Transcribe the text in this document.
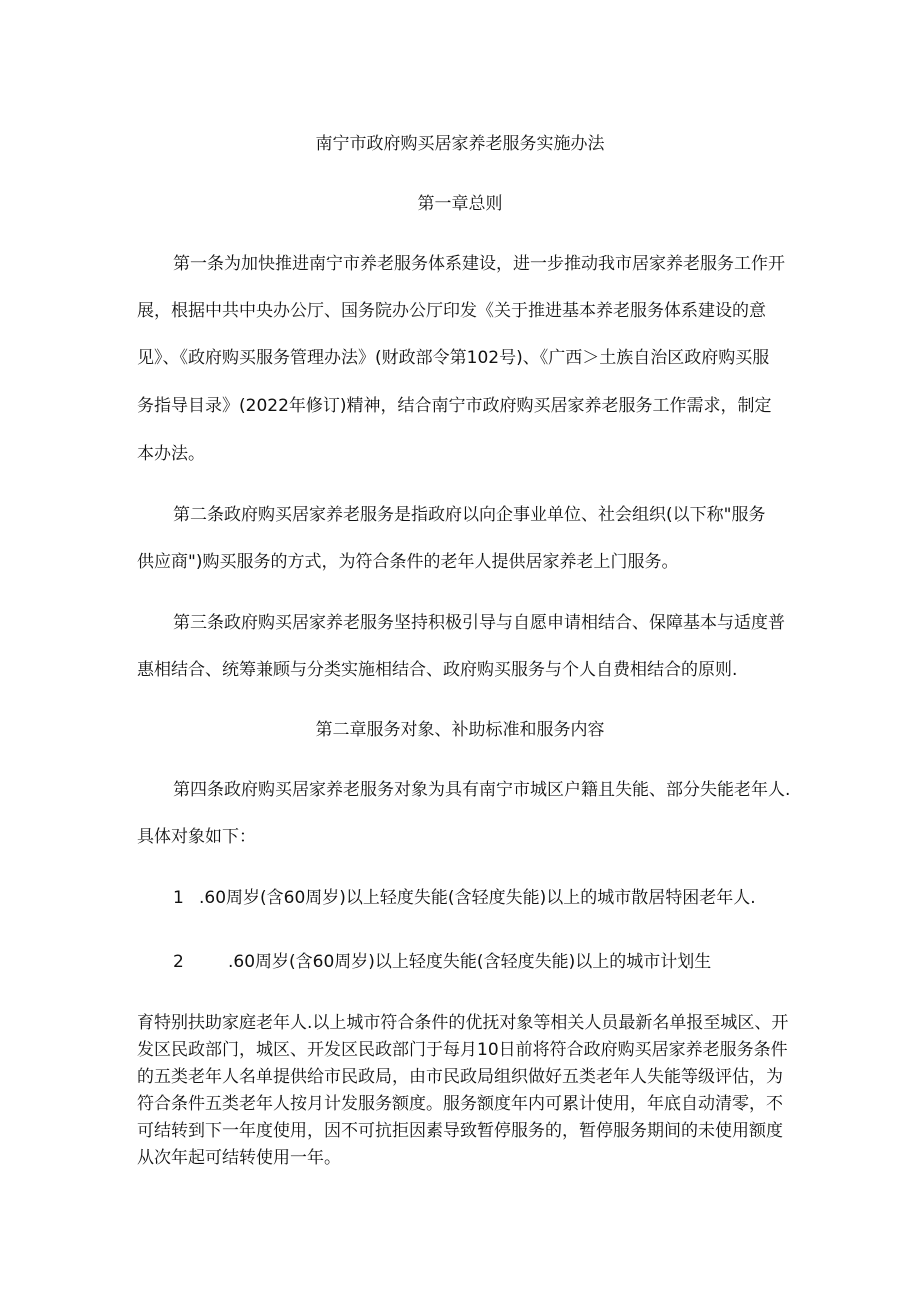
南宁市政府购买居家养老服务实施办法
第一章总则
第一条为加快推进南宁市养老服务体系建设，进一步推动我市居家养老服务工作开
展，根据中共中央办公厅、国务院办公厅印发《关于推进基本养老服务体系建设的意
见》、《政府购买服务管理办法》(财政部令第102号)、《广西＞土族自治区政府购买服
务指导目录》(2022年修订)精神，结合南宁市政府购买居家养老服务工作需求，制定
本办法。
第二条政府购买居家养老服务是指政府以向企事业单位、社会组织(以下称"服务
供应商")购买服务的方式，为符合条件的老年人提供居家养老上门服务。
第三条政府购买居家养老服务坚持积极引导与自愿申请相结合、保障基本与适度普
惠相结合、统筹兼顾与分类实施相结合、政府购买服务与个人自费相结合的原则.
第二章服务对象、补助标准和服务内容
第四条政府购买居家养老服务对象为具有南宁市城区户籍且失能、部分失能老年人.
具体对象如下：
1 .60周岁(含60周岁)以上轻度失能(含轻度失能)以上的城市散居特困老年人.
2	.60周岁(含60周岁)以上轻度失能(含轻度失能)以上的城市计划生
育特别扶助家庭老年人.以上城市符合条件的优抚对象等相关人员最新名单报至城区、开
发区民政部门，城区、开发区民政部门于每月10日前将符合政府购买居家养老服务条件
的五类老年人名单提供给市民政局，由市民政局组织做好五类老年人失能等级评估，为
符合条件五类老年人按月计发服务额度。服务额度年内可累计使用，年底自动清零，不
可结转到下一年度使用，因不可抗拒因素导致暂停服务的，暂停服务期间的未使用额度
从次年起可结转使用一年。
